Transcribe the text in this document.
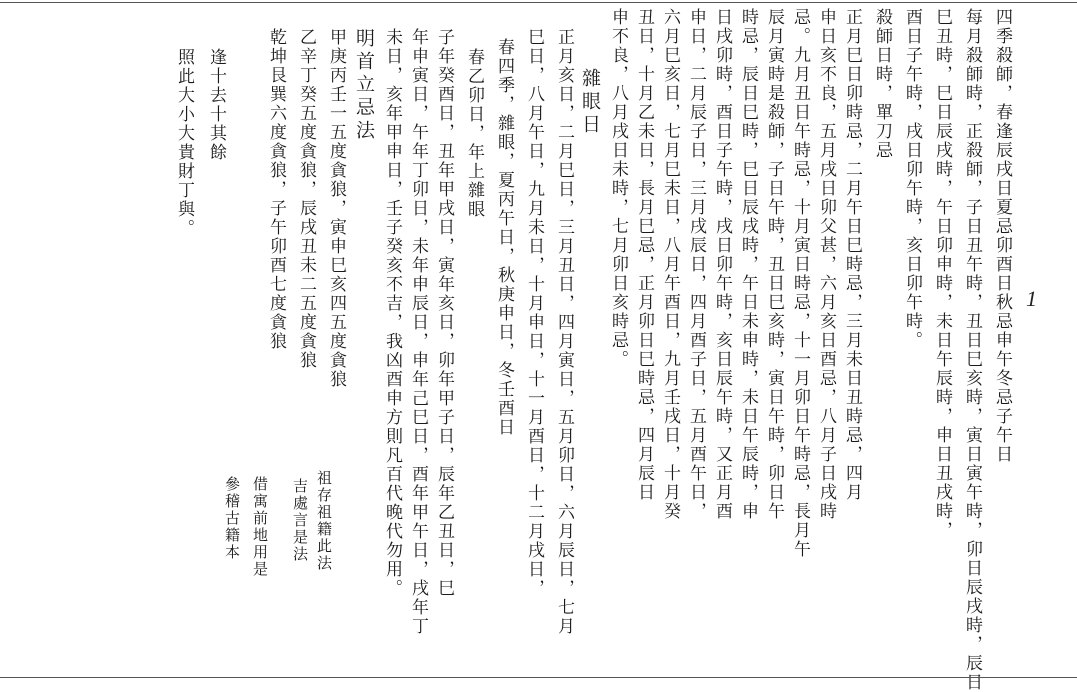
四季殺師，春逢辰戌日夏忌卯酉日秋忌申午冬忌子午日
每月殺師時，正殺師，子日丑午時，丑日巳亥時，寅日寅午時，卯日辰戌時，辰日
巳丑時，巳日辰戌時，午日卯申時，未日午辰時，申日丑戌時，
酉日子午時，戌日卯午時，亥日卯午時。
殺師日時，單刀忌
正月巳日卯時忌，二月午日巳時忌，三月未日丑時忌，四月
申日亥不良，五月戌日卯父甚，六月亥日酉忌，八月子日戌時
忌。九月丑日午時忌，十月寅日時忌，十一月卯日午時忌，長月午
辰月寅時是殺師，子日午時，丑日巳亥時，寅日午時，卯日午
時忌，辰日巳時，巳日辰戌時，午日未申時，未日午辰時，申
日戌卯時，酉日子午時，戌日卯午時，亥日辰午時，又正月酉
申日，二月辰子日，三月戌辰日，四月酉子日，五月酉午日，
六月巳亥日，七月巳未日，八月午酉日，九月壬戌日，十月癸
丑日，十月乙未日，長月巳忌，正月卯日巳時忌，四月辰日
申不良，八月戌日未時，七月卯日亥時忌。
雜眼日
正月亥日，二月巳日，三月丑日，四月寅日，五月卯日，六月辰日，七月
巳日，八月午日，九月未日，十月申日，十一月酉日，十二月戌日，
春四季，雜眼，夏丙午日，秋庚申日，冬壬酉日
春乙卯日，年上雜眼
子年癸酉日，丑年甲戌日，寅年亥日，卯年甲子日，辰年乙丑日，巳
年申寅日，午年丁卯日，未年申辰日，申年己巳日，酉年甲午日，戌年丁
未日，亥年甲申日，壬子癸亥不吉，我凶酉申方則凡百代晚代勿用。
明首立忌法
甲庚丙壬一五度貪狼，寅申巳亥四五度貪狼
乙辛丁癸五度貪狼，辰戌丑未二五度貪狼
乾坤艮巽六度貪狼，子午卯酉七度貪狼
逢十去十其餘
照此大小大貴財丁與。
祖存祖籍此法
吉處言是法
借寓前地用是
參稽古籍本
1
